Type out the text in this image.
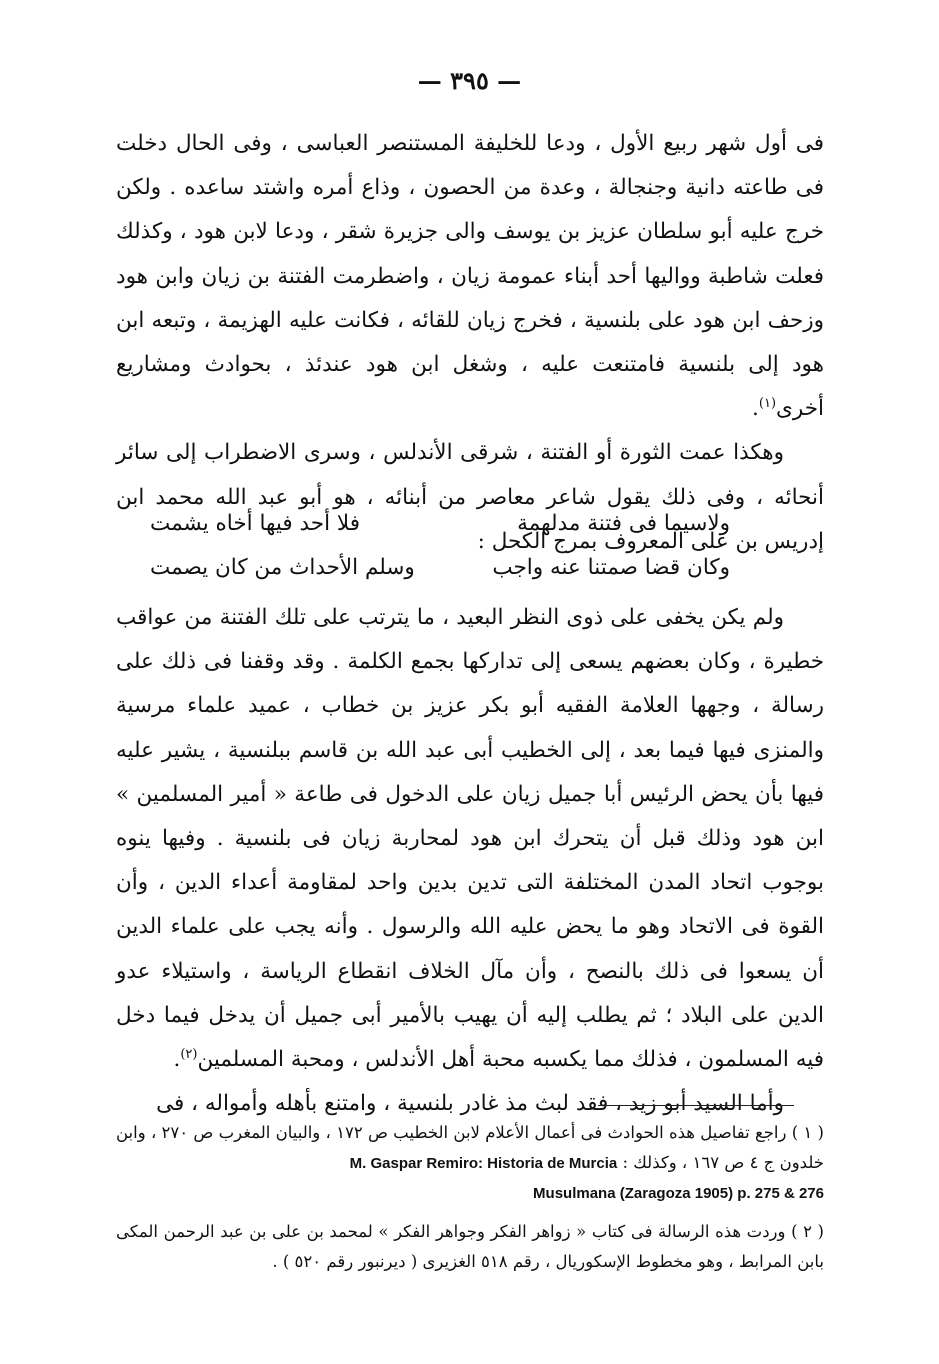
— ٣٩٥ —

فى أول شهر ربيع الأول ، ودعا للخليفة المستنصر العباسى ، وفى الحال دخلت فى طاعته دانية وجنجالة ، وعدة من الحصون ، وذاع أمره واشتد ساعده . ولكن خرج عليه أبو سلطان عزيز بن يوسف والى جزيرة شقر ، ودعا لابن هود ، وكذلك فعلت شاطبة وواليها أحد أبناء عمومة زيان ، واضطرمت الفتنة بن زيان وابن هود وزحف ابن هود على بلنسية ، فخرج زيان للقائه ، فكانت عليه الهزيمة ، وتبعه ابن هود إلى بلنسية فامتنعت عليه ، وشغل ابن هود عندئذ ، بحوادث ومشاريع أخرى$^{(١)}$.

وهكذا عمت الثورة أو الفتنة ، شرقى الأندلس ، وسرى الاضطراب إلى سائر أنحائه ، وفى ذلك يقول شاعر معاصر من أبنائه ، هو أبو عبد الله محمد ابن إدريس بن على المعروف بمرج الكحل :

ولاسيما فى فتنة مدلهمة
فلا أحد فيها أخاه يشمت
وكان قضا صمتنا عنه واجب
وسلم الأحداث من كان يصمت

ولم يكن يخفى على ذوى النظر البعيد ، ما يترتب على تلك الفتنة من عواقب خطيرة ، وكان بعضهم يسعى إلى تداركها بجمع الكلمة . وقد وقفنا فى ذلك على رسالة ، وجهها العلامة الفقيه أبو بكر عزيز بن خطاب ، عميد علماء مرسية والمنزى فيها فيما بعد ، إلى الخطيب أبى عبد الله بن قاسم ببلنسية ، يشير عليه فيها بأن يحض الرئيس أبا جميل زيان على الدخول فى طاعة « أمير المسلمين » ابن هود وذلك قبل أن يتحرك ابن هود لمحاربة زيان فى بلنسية . وفيها ينوه بوجوب اتحاد المدن المختلفة التى تدين بدين واحد لمقاومة أعداء الدين ، وأن القوة فى الاتحاد وهو ما يحض عليه الله والرسول . وأنه يجب على علماء الدين أن يسعوا فى ذلك بالنصح ، وأن مآل الخلاف انقطاع الرياسة ، واستيلاء عدو الدين على البلاد ؛ ثم يطلب إليه أن يهيب بالأمير أبى جميل أن يدخل فيما دخل فيه المسلمون ، فذلك مما يكسبه محبة أهل الأندلس ، ومحبة المسلمين$^{(٢)}$.

وأما السيد أبو زيد ، فقد لبث مذ غادر بلنسية ، وامتنع بأهله وأمواله ، فى

( ١ ) راجع تفاصيل هذه الحوادث فى أعمال الأعلام لابن الخطيب ص ١٧٢ ، والبيان المغرب ص ٢٧٠ ، وابن خلدون ج ٤ ص ١٦٧ ، وكذلك : M. Gaspar Remiro: Historia de Murcia

Musulmana (Zaragoza 1905) p. 275 & 276

( ٢ ) وردت هذه الرسالة فى كتاب « زواهر الفكر وجواهر الفكر » لمحمد بن على بن عبد الرحمن المكى بابن المرابط ، وهو مخطوط الإسكوريال ، رقم ٥١٨ الغزيرى ( ديرنبور رقم ٥٢٠ ) .
